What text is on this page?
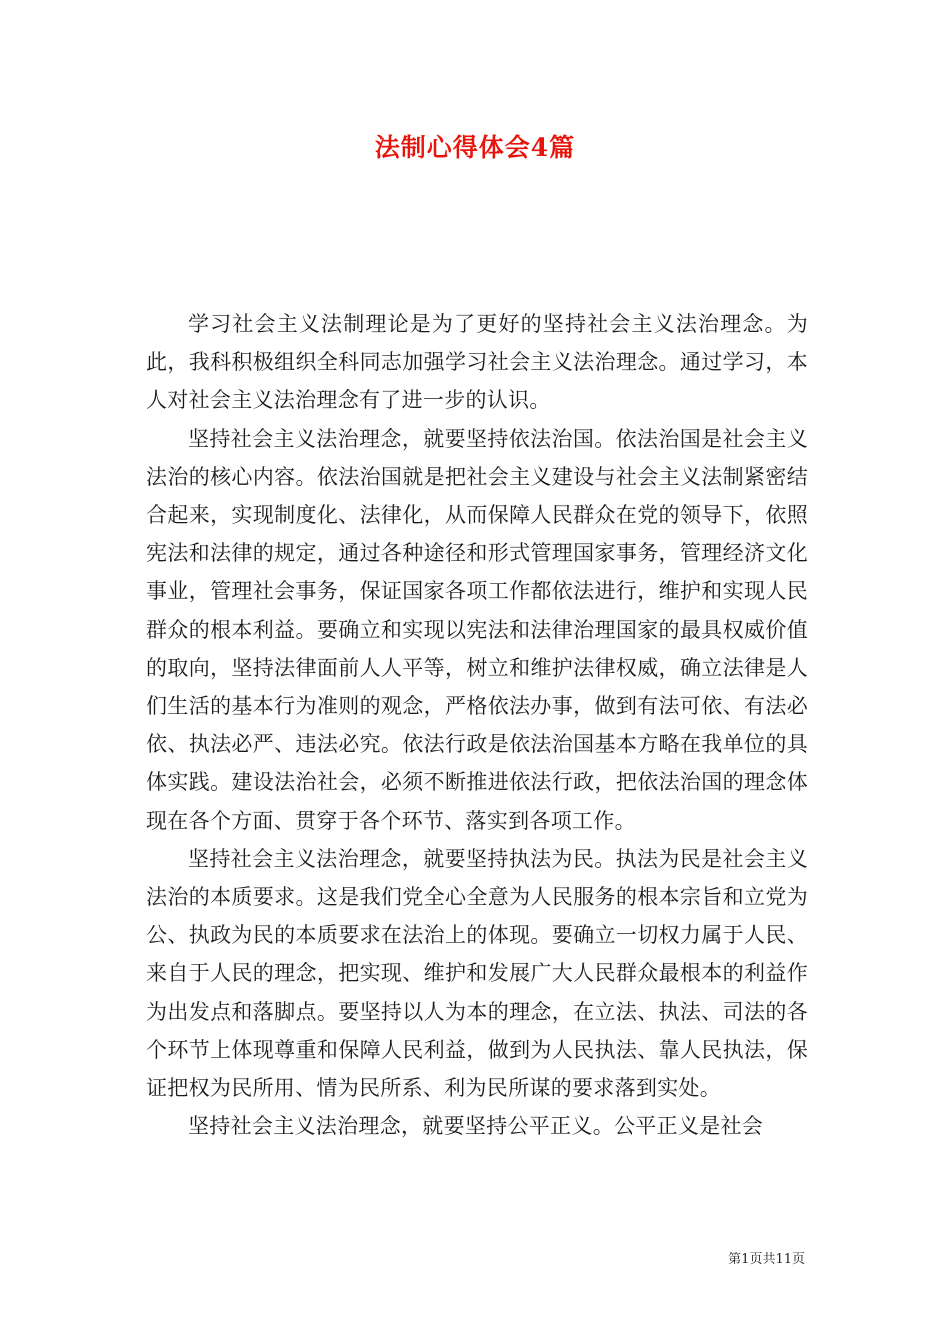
法制心得体会4篇

学习社会主义法制理论是为了更好的坚持社会主义法治理念。为此，我科积极组织全科同志加强学习社会主义法治理念。通过学习，本人对社会主义法治理念有了进一步的认识。

坚持社会主义法治理念，就要坚持依法治国。依法治国是社会主义法治的核心内容。依法治国就是把社会主义建设与社会主义法制紧密结合起来，实现制度化、法律化，从而保障人民群众在党的领导下，依照宪法和法律的规定，通过各种途径和形式管理国家事务，管理经济文化事业，管理社会事务，保证国家各项工作都依法进行，维护和实现人民群众的根本利益。要确立和实现以宪法和法律治理国家的最具权威价值的取向，坚持法律面前人人平等，树立和维护法律权威，确立法律是人们生活的基本行为准则的观念，严格依法办事，做到有法可依、有法必依、执法必严、违法必究。依法行政是依法治国基本方略在我单位的具体实践。建设法治社会，必须不断推进依法行政，把依法治国的理念体现在各个方面、贯穿于各个环节、落实到各项工作。

坚持社会主义法治理念，就要坚持执法为民。执法为民是社会主义法治的本质要求。这是我们党全心全意为人民服务的根本宗旨和立党为公、执政为民的本质要求在法治上的体现。要确立一切权力属于人民、来自于人民的理念，把实现、维护和发展广大人民群众最根本的利益作为出发点和落脚点。要坚持以人为本的理念，在立法、执法、司法的各个环节上体现尊重和保障人民利益，做到为人民执法、靠人民执法，保证把权为民所用、情为民所系、利为民所谋的要求落到实处。

坚持社会主义法治理念，就要坚持公平正义。公平正义是社会

第1页共11页
